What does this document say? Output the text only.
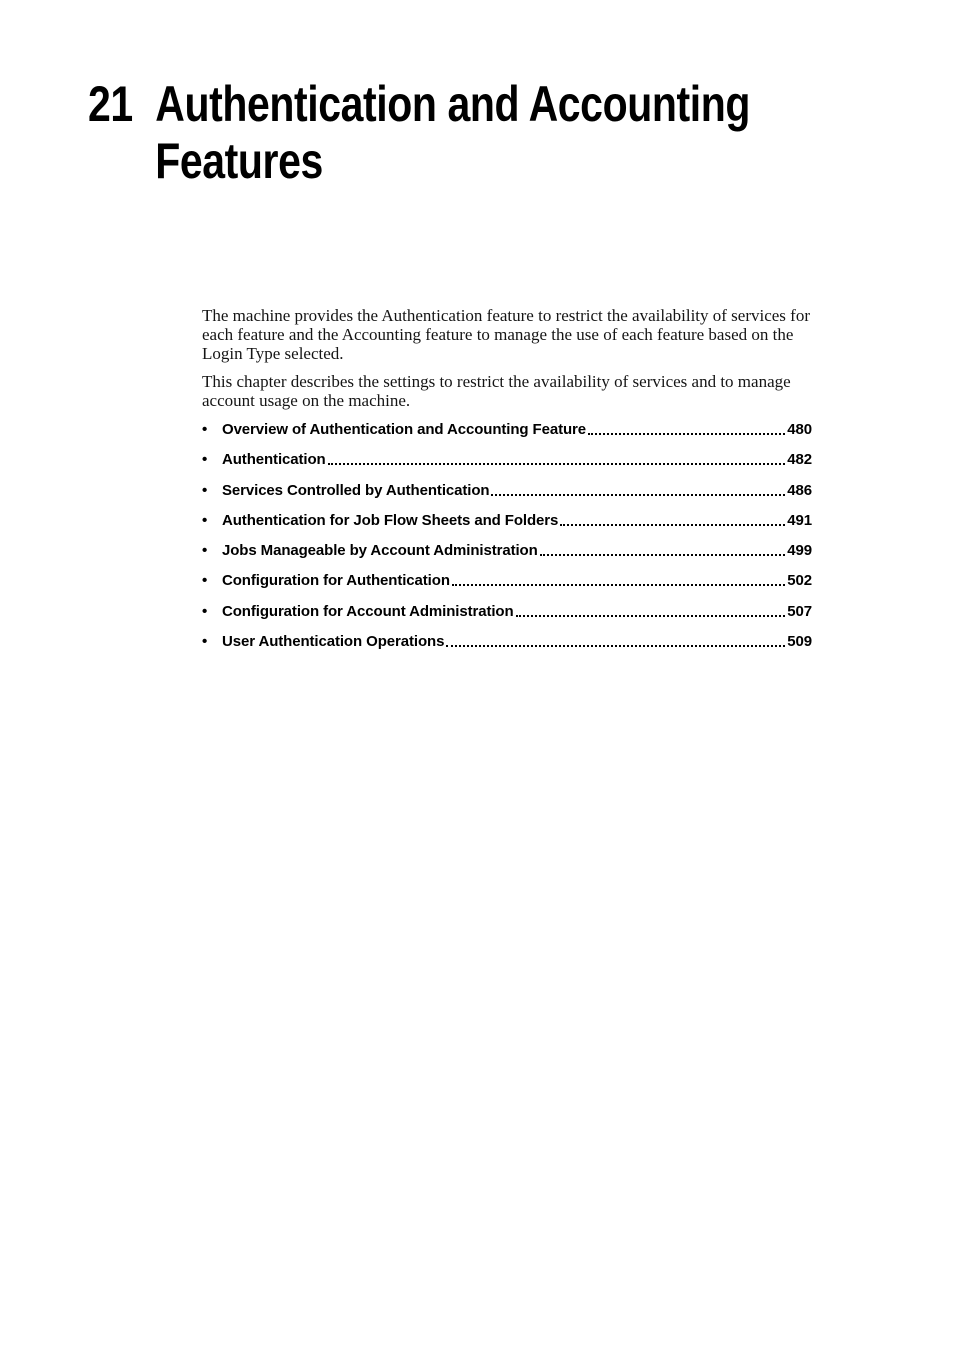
21 Authentication and Accounting
Features
The machine provides the Authentication feature to restrict the availability of services for
each feature and the Accounting feature to manage the use of each feature based on the
Login Type selected.
This chapter describes the settings to restrict the availability of services and to manage
account usage on the machine.
• Overview of Authentication and Accounting Feature	480
• Authentication	482
• Services Controlled by Authentication	486
• Authentication for Job Flow Sheets and Folders	491
• Jobs Manageable by Account Administration	499
• Configuration for Authentication	502
• Configuration for Account Administration	507
• User Authentication Operations	509
